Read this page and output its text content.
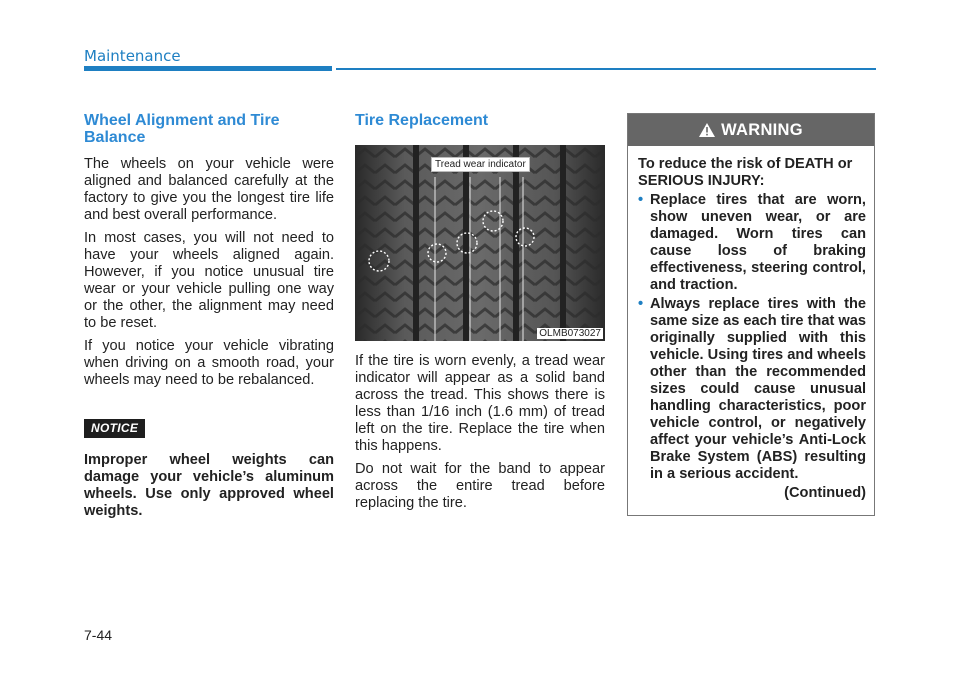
Maintenance
Wheel Alignment and Tire Balance

The wheels on your vehicle were aligned and balanced carefully at the factory to give you the longest tire life and best overall performance.

In most cases, you will not need to have your wheels aligned again. However, if you notice unusual tire wear or your vehicle pulling one way or the other, the alignment may need to be reset.

If you notice your vehicle vibrating when driving on a smooth road, your wheels may need to be rebalanced.

NOTICE

Improper wheel weights can damage your vehicle’s aluminum wheels. Use only approved wheel weights.

Tire Replacement
Tread wear indicator
OLMB073027

If the tire is worn evenly, a tread wear indicator will appear as a solid band across the tread. This shows there is less than 1/16 inch (1.6 mm) of tread left on the tire. Replace the tire when this happens.

Do not wait for the band to appear across the entire tread before replacing the tire.

WARNING

To reduce the risk of DEATH or SERIOUS INJURY:

• Replace tires that are worn, show uneven wear, or are damaged. Worn tires can cause loss of braking effectiveness, steering control, and traction.
• Always replace tires with the same size as each tire that was originally supplied with this vehicle. Using tires and wheels other than the recommended sizes could cause unusual handling characteristics, poor vehicle control, or negatively affect your vehicle’s Anti-Lock Brake System (ABS) resulting in a serious accident.
(Continued)
7-44
